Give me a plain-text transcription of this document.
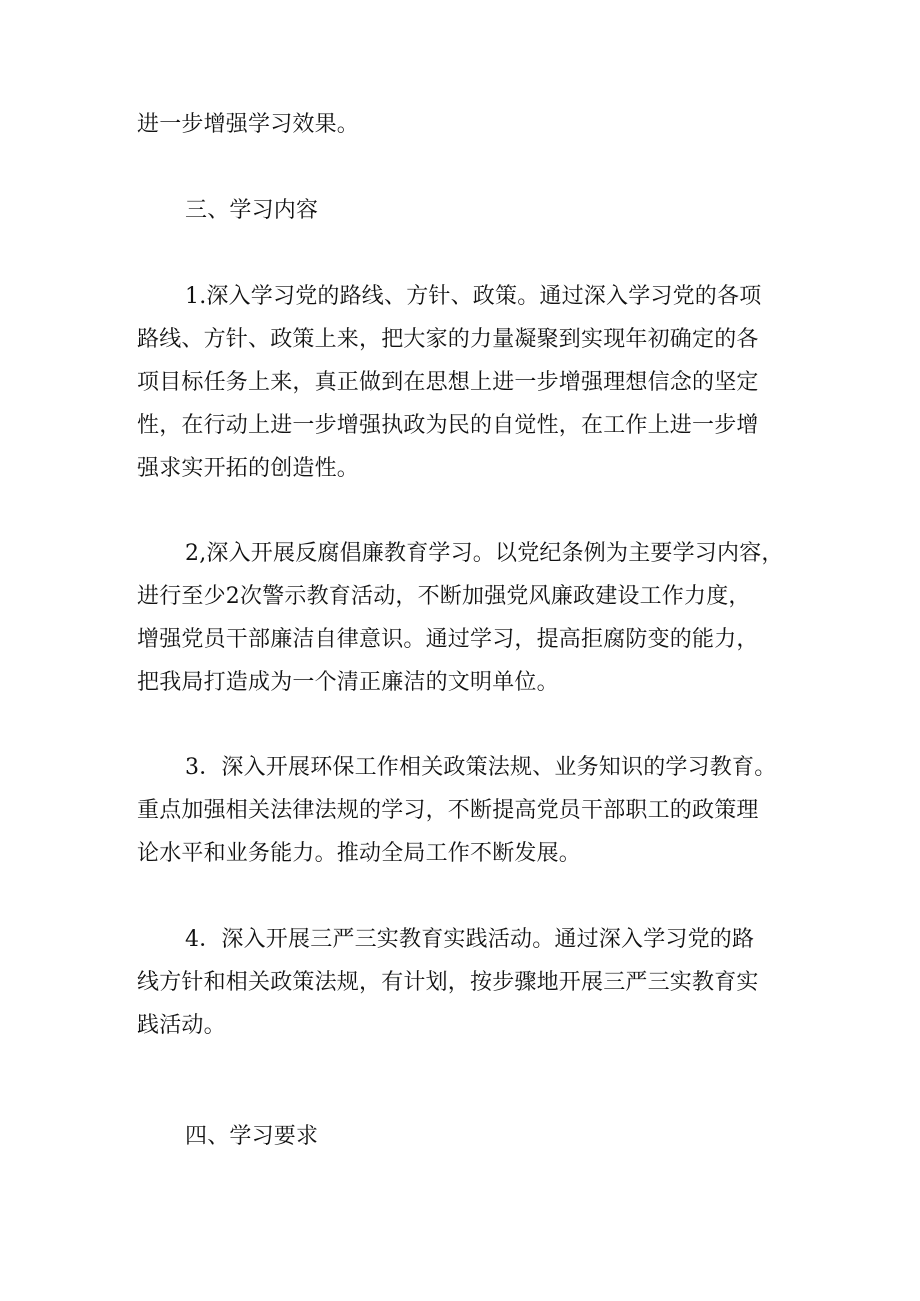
进一步增强学习效果。
三、学习内容
1.深入学习党的路线、方针、政策。通过深入学习党的各项
路线、方针、政策上来，把大家的力量凝聚到实现年初确定的各
项目标任务上来，真正做到在思想上进一步增强理想信念的坚定
性，在行动上进一步增强执政为民的自觉性，在工作上进一步增
强求实开拓的创造性。
2,深入开展反腐倡廉教育学习。以党纪条例为主要学习内容，
进行至少2次警示教育活动，不断加强党风廉政建设工作力度，
增强党员干部廉洁自律意识。通过学习，提高拒腐防变的能力，
把我局打造成为一个清正廉洁的文明单位。
3．深入开展环保工作相关政策法规、业务知识的学习教育。
重点加强相关法律法规的学习，不断提高党员干部职工的政策理
论水平和业务能力。推动全局工作不断发展。
4．深入开展三严三实教育实践活动。通过深入学习党的路
线方针和相关政策法规，有计划，按步骤地开展三严三实教育实
践活动。
四、学习要求
